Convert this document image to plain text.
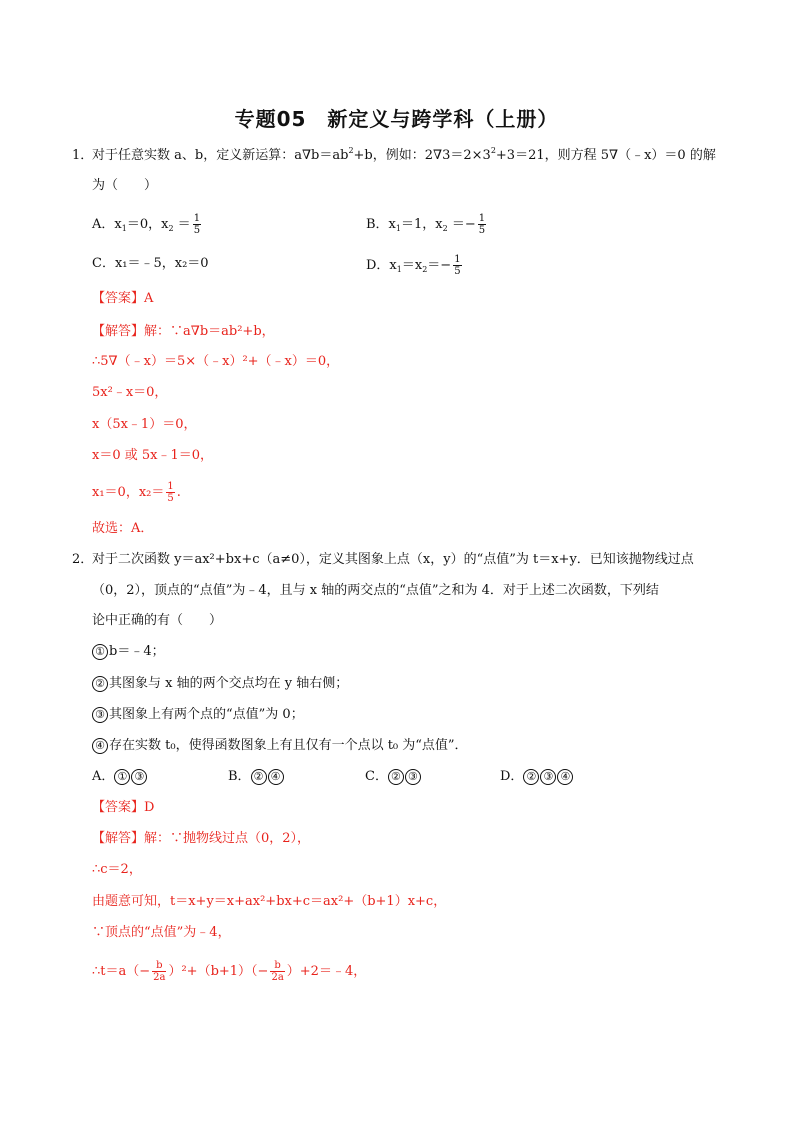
专题05　新定义与跨学科（上册）
1．
对于任意实数 a、b，定义新运算：$a\nabla b=ab^2+b$，例如：$2\nabla 3=2\times 3^2+3=21$，则方程 5∇（﹣x）＝0 的解
为（　　）
A．$x_1=0$，$x_2 = \frac{1}{5}$	B．$x_1=1$，$x_2 =- \frac{1}{5}$
C．x₁＝﹣5，x₂＝0	D．$x_1=x_2=- \frac{1}{5}$
【答案】A
【解答】解：∵a∇b＝ab²+b，
∴5∇（﹣x）＝5×（﹣x）²+（﹣x）＝0，
5x²﹣x＝0，
x（5x﹣1）＝0，
x＝0 或 5x﹣1＝0，
x₁＝0，$x_2= \frac{1}{5}$ .
故选：A．
2．
对于二次函数 y＝ax²+bx+c（a≠0），定义其图象上点（x，y）的“点值”为 t＝x+y．已知该抛物线过点
（0，2），顶点的“点值”为﹣4，且与 x 轴的两交点的“点值”之和为 4．对于上述二次函数，下列结
论中正确的有（　　）
① b＝﹣4；
② 其图象与 x 轴的两个交点均在 y 轴右侧；
③ 其图象上有两个点的“点值”为 0；
④ 存在实数 t₀，使得函数图象上有且仅有一个点以 t₀ 为“点值”．
A． ① ③	B． ② ④	C． ② ③	D． ② ③ ④
【答案】D
【解答】解：∵抛物线过点（0，2），
∴c＝2，
由题意可知，t＝x+y＝x+ax²+bx+c＝ax²+（b+1）x+c，
∵顶点的“点值”为﹣4，
∴t＝a（− $\frac{b}{2a} )^2+(b+1)(- \frac{b}{2a}$ ）+2＝﹣4，
